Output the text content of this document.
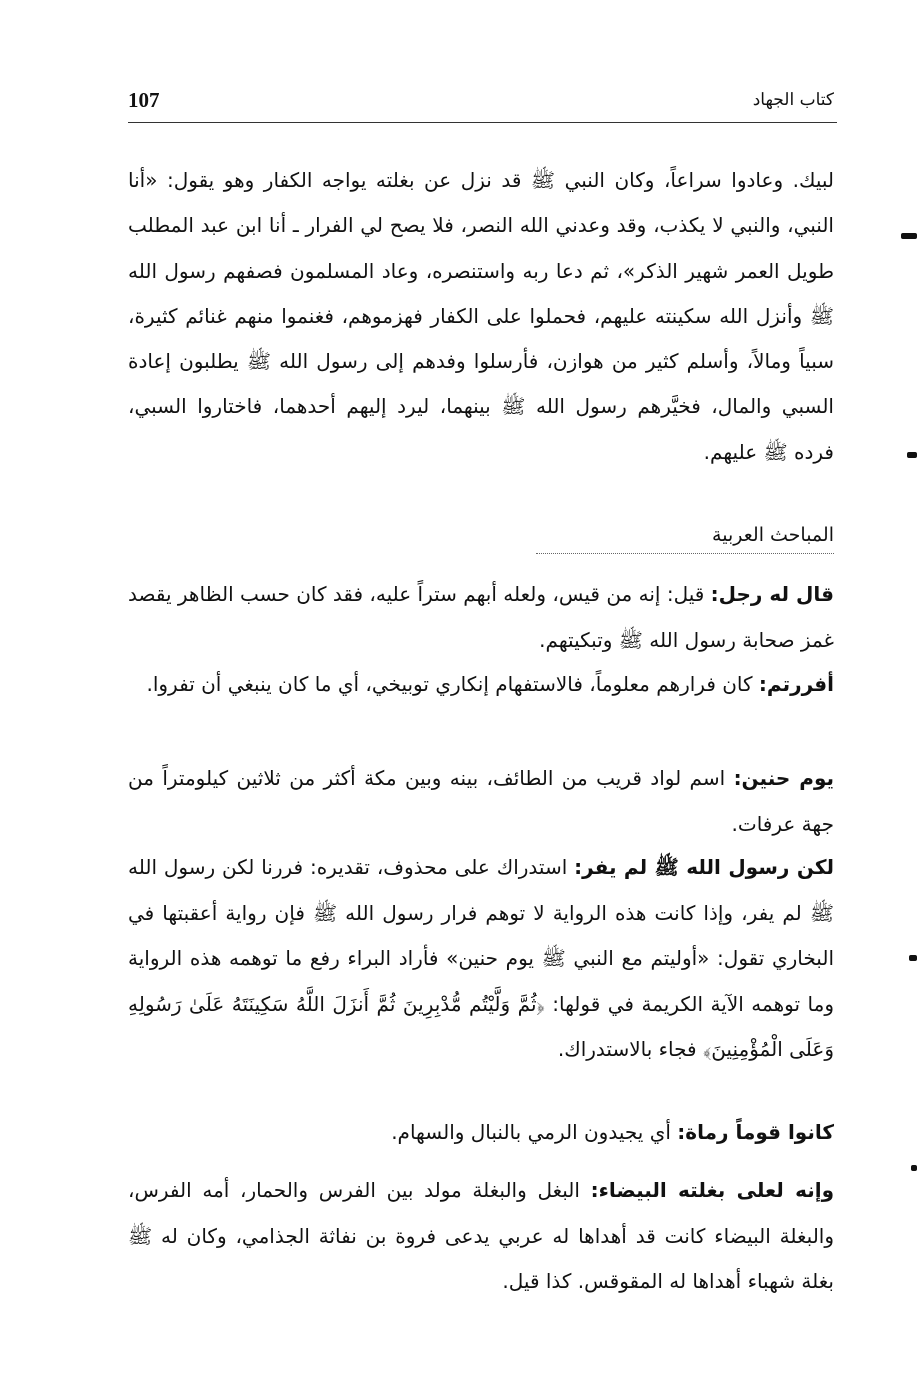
107	كتاب الجهاد

لبيك. وعادوا سراعاً، وكان النبي ﷺ قد نزل عن بغلته يواجه الكفار وهو يقول: «أنا النبي، والنبي لا يكذب، وقد وعدني الله النصر، فلا يصح لي الفرار ـ أنا ابن عبد المطلب طويل العمر شهير الذكر»، ثم دعا ربه واستنصره، وعاد المسلمون فصفهم رسول الله ﷺ وأنزل الله سكينته عليهم، فحملوا على الكفار فهزموهم، فغنموا منهم غنائم كثيرة، سبياً ومالاً، وأسلم كثير من هوازن، فأرسلوا وفدهم إلى رسول الله ﷺ يطلبون إعادة السبي والمال، فخيَّرهم رسول الله ﷺ بينهما، ليرد إليهم أحدهما، فاختاروا السبي، فرده ﷺ عليهم.

المباحث العربية

قال له رجل: قيل: إنه من قيس، ولعله أبهم ستراً عليه، فقد كان حسب الظاهر يقصد غمز صحابة رسول الله ﷺ وتبكيتهم.

أفررتم: كان فرارهم معلوماً، فالاستفهام إنكاري توبيخي، أي ما كان ينبغي أن تفروا.

يوم حنين: اسم لواد قريب من الطائف، بينه وبين مكة أكثر من ثلاثين كيلومتراً من جهة عرفات.

لكن رسول الله ﷺ لم يفر: استدراك على محذوف، تقديره: فررنا لكن رسول الله ﷺ لم يفر، وإذا كانت هذه الرواية لا توهم فرار رسول الله ﷺ فإن رواية أعقبتها في البخاري تقول: «أوليتم مع النبي ﷺ يوم حنين» فأراد البراء رفع ما توهمه هذه الرواية وما توهمه الآية الكريمة في قولها: ﴿ثُمَّ وَلَّيْتُم مُّدْبِرِينَ ثُمَّ أَنزَلَ اللَّهُ سَكِينَتَهُ عَلَىٰ رَسُولِهِ وَعَلَى الْمُؤْمِنِينَ﴾ فجاء بالاستدراك.

كانوا قوماً رماة: أي يجيدون الرمي بالنبال والسهام.

وإنه لعلى بغلته البيضاء: البغل والبغلة مولد بين الفرس والحمار، أمه الفرس، والبغلة البيضاء كانت قد أهداها له عربي يدعى فروة بن نفاثة الجذامي، وكان له ﷺ بغلة شهباء أهداها له المقوقس. كذا قيل.
